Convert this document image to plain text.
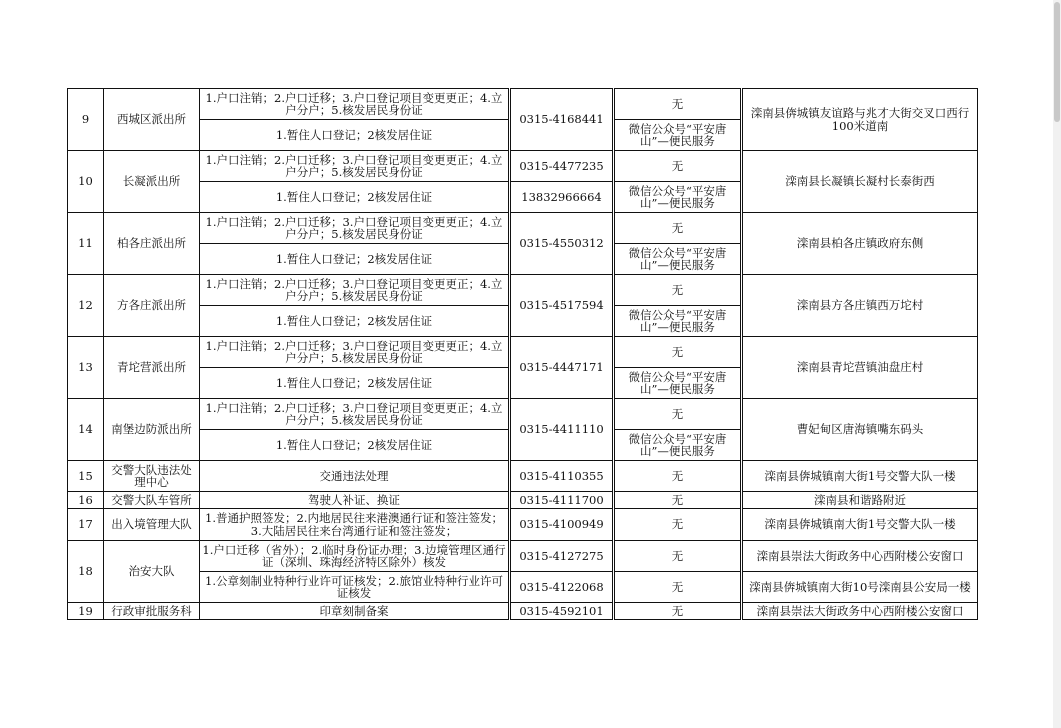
9	西城区派出所	1.户口注销；2.户口迁移；3.户口登记项目变更更正；4.立户分户；5.核发居民身份证	0315-4168441	无	滦南县倴城镇友谊路与兆才大街交叉口西行100米道南
		1.暂住人口登记；2核发居住证		微信公众号“平安唐山”—便民服务	
10	长凝派出所	1.户口注销；2.户口迁移；3.户口登记项目变更更正；4.立户分户；5.核发居民身份证	0315-4477235	无	滦南县长凝镇长凝村长泰街西
		1.暂住人口登记；2核发居住证	13832966664	微信公众号“平安唐山”—便民服务	
11	柏各庄派出所	1.户口注销；2.户口迁移；3.户口登记项目变更更正；4.立户分户；5.核发居民身份证	0315-4550312	无	滦南县柏各庄镇政府东侧
		1.暂住人口登记；2核发居住证		微信公众号“平安唐山”—便民服务	
12	方各庄派出所	1.户口注销；2.户口迁移；3.户口登记项目变更更正；4.立户分户；5.核发居民身份证	0315-4517594	无	滦南县方各庄镇西万坨村
		1.暂住人口登记；2核发居住证		微信公众号“平安唐山”—便民服务	
13	青坨营派出所	1.户口注销；2.户口迁移；3.户口登记项目变更更正；4.立户分户；5.核发居民身份证	0315-4447171	无	滦南县青坨营镇油盘庄村
		1.暂住人口登记；2核发居住证		微信公众号“平安唐山”—便民服务	
14	南堡边防派出所	1.户口注销；2.户口迁移；3.户口登记项目变更更正；4.立户分户；5.核发居民身份证	0315-4411110	无	曹妃甸区唐海镇嘴东码头
		1.暂住人口登记；2核发居住证		微信公众号“平安唐山”—便民服务	
15	交警大队违法处理中心	交通违法处理	0315-4110355	无	滦南县倴城镇南大街1号交警大队一楼
16	交警大队车管所	驾驶人补证、换证	0315-4111700	无	滦南县和谐路附近
17	出入境管理大队	1.普通护照签发；2.内地居民往来港澳通行证和签注签发；3.大陆居民往来台湾通行证和签注签发；	0315-4100949	无	滦南县倴城镇南大街1号交警大队一楼
18	治安大队	1.户口迁移（省外）；2.临时身份证办理；3.边境管理区通行证（深圳、珠海经济特区除外）核发	0315-4127275	无	滦南县崇法大街政务中心西附楼公安窗口
		1.公章刻制业特种行业许可证核发；2.旅馆业特种行业许可证核发	0315-4122068	无	滦南县倴城镇南大街10号滦南县公安局一楼
19	行政审批服务科	印章刻制备案	0315-4592101	无	滦南县崇法大街政务中心西附楼公安窗口
